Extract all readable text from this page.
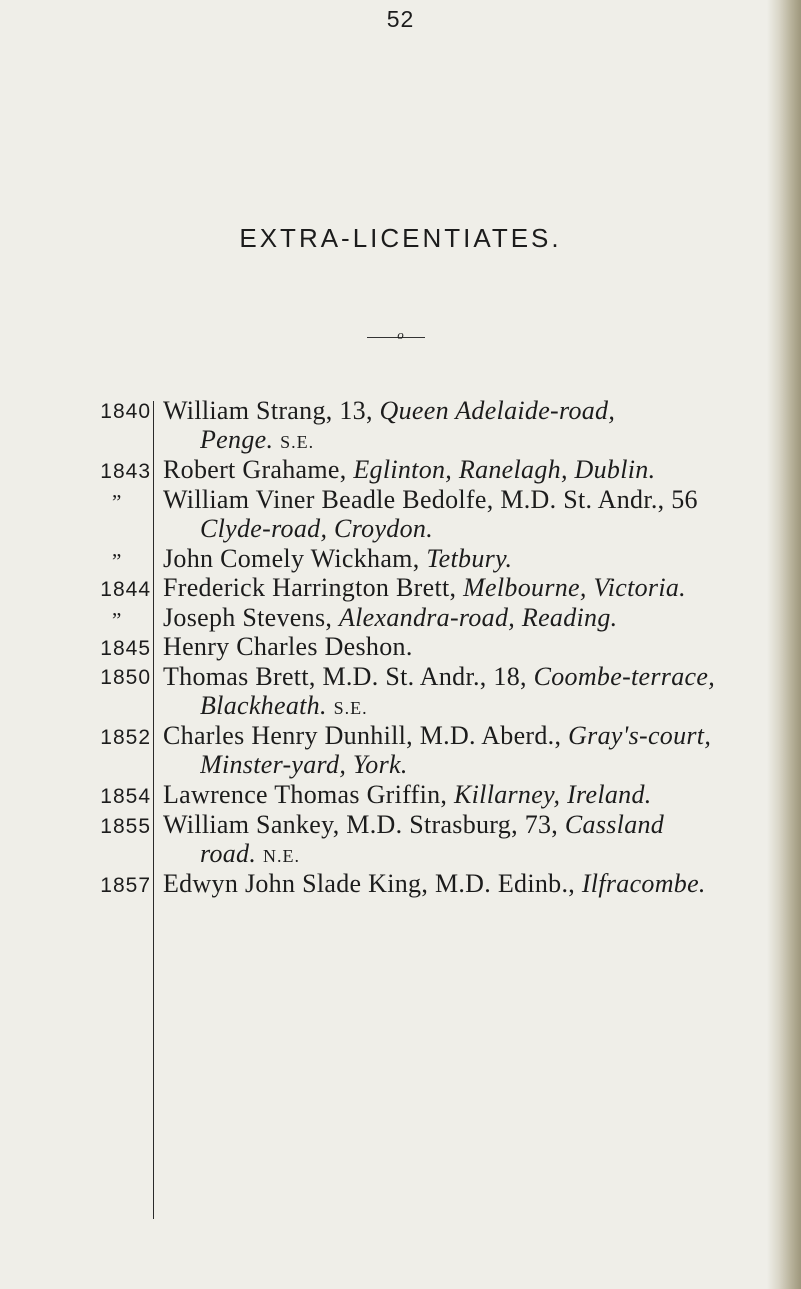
52
EXTRA-LICENTIATES.
o
1840
1843
”
”
1844
”
1845
1850
1852
1854
1855
1857
William Strang, 13, Queen Adelaide-road,
Penge. S.E.
Robert Grahame, Eglinton, Ranelagh, Dublin.
William Viner Beadle Bedolfe, M.D. St. Andr., 56
Clyde-road, Croydon.
John Comely Wickham, Tetbury.
Frederick Harrington Brett, Melbourne, Victoria.
Joseph Stevens, Alexandra-road, Reading.
Henry Charles Deshon.
Thomas Brett, M.D. St. Andr., 18, Coombe-terrace,
Blackheath. S.E.
Charles Henry Dunhill, M.D. Aberd., Gray's-court,
Minster-yard, York.
Lawrence Thomas Griffin, Killarney, Ireland.
William Sankey, M.D. Strasburg, 73, Cassland
road. N.E.
Edwyn John Slade King, M.D. Edinb., Ilfracombe.
